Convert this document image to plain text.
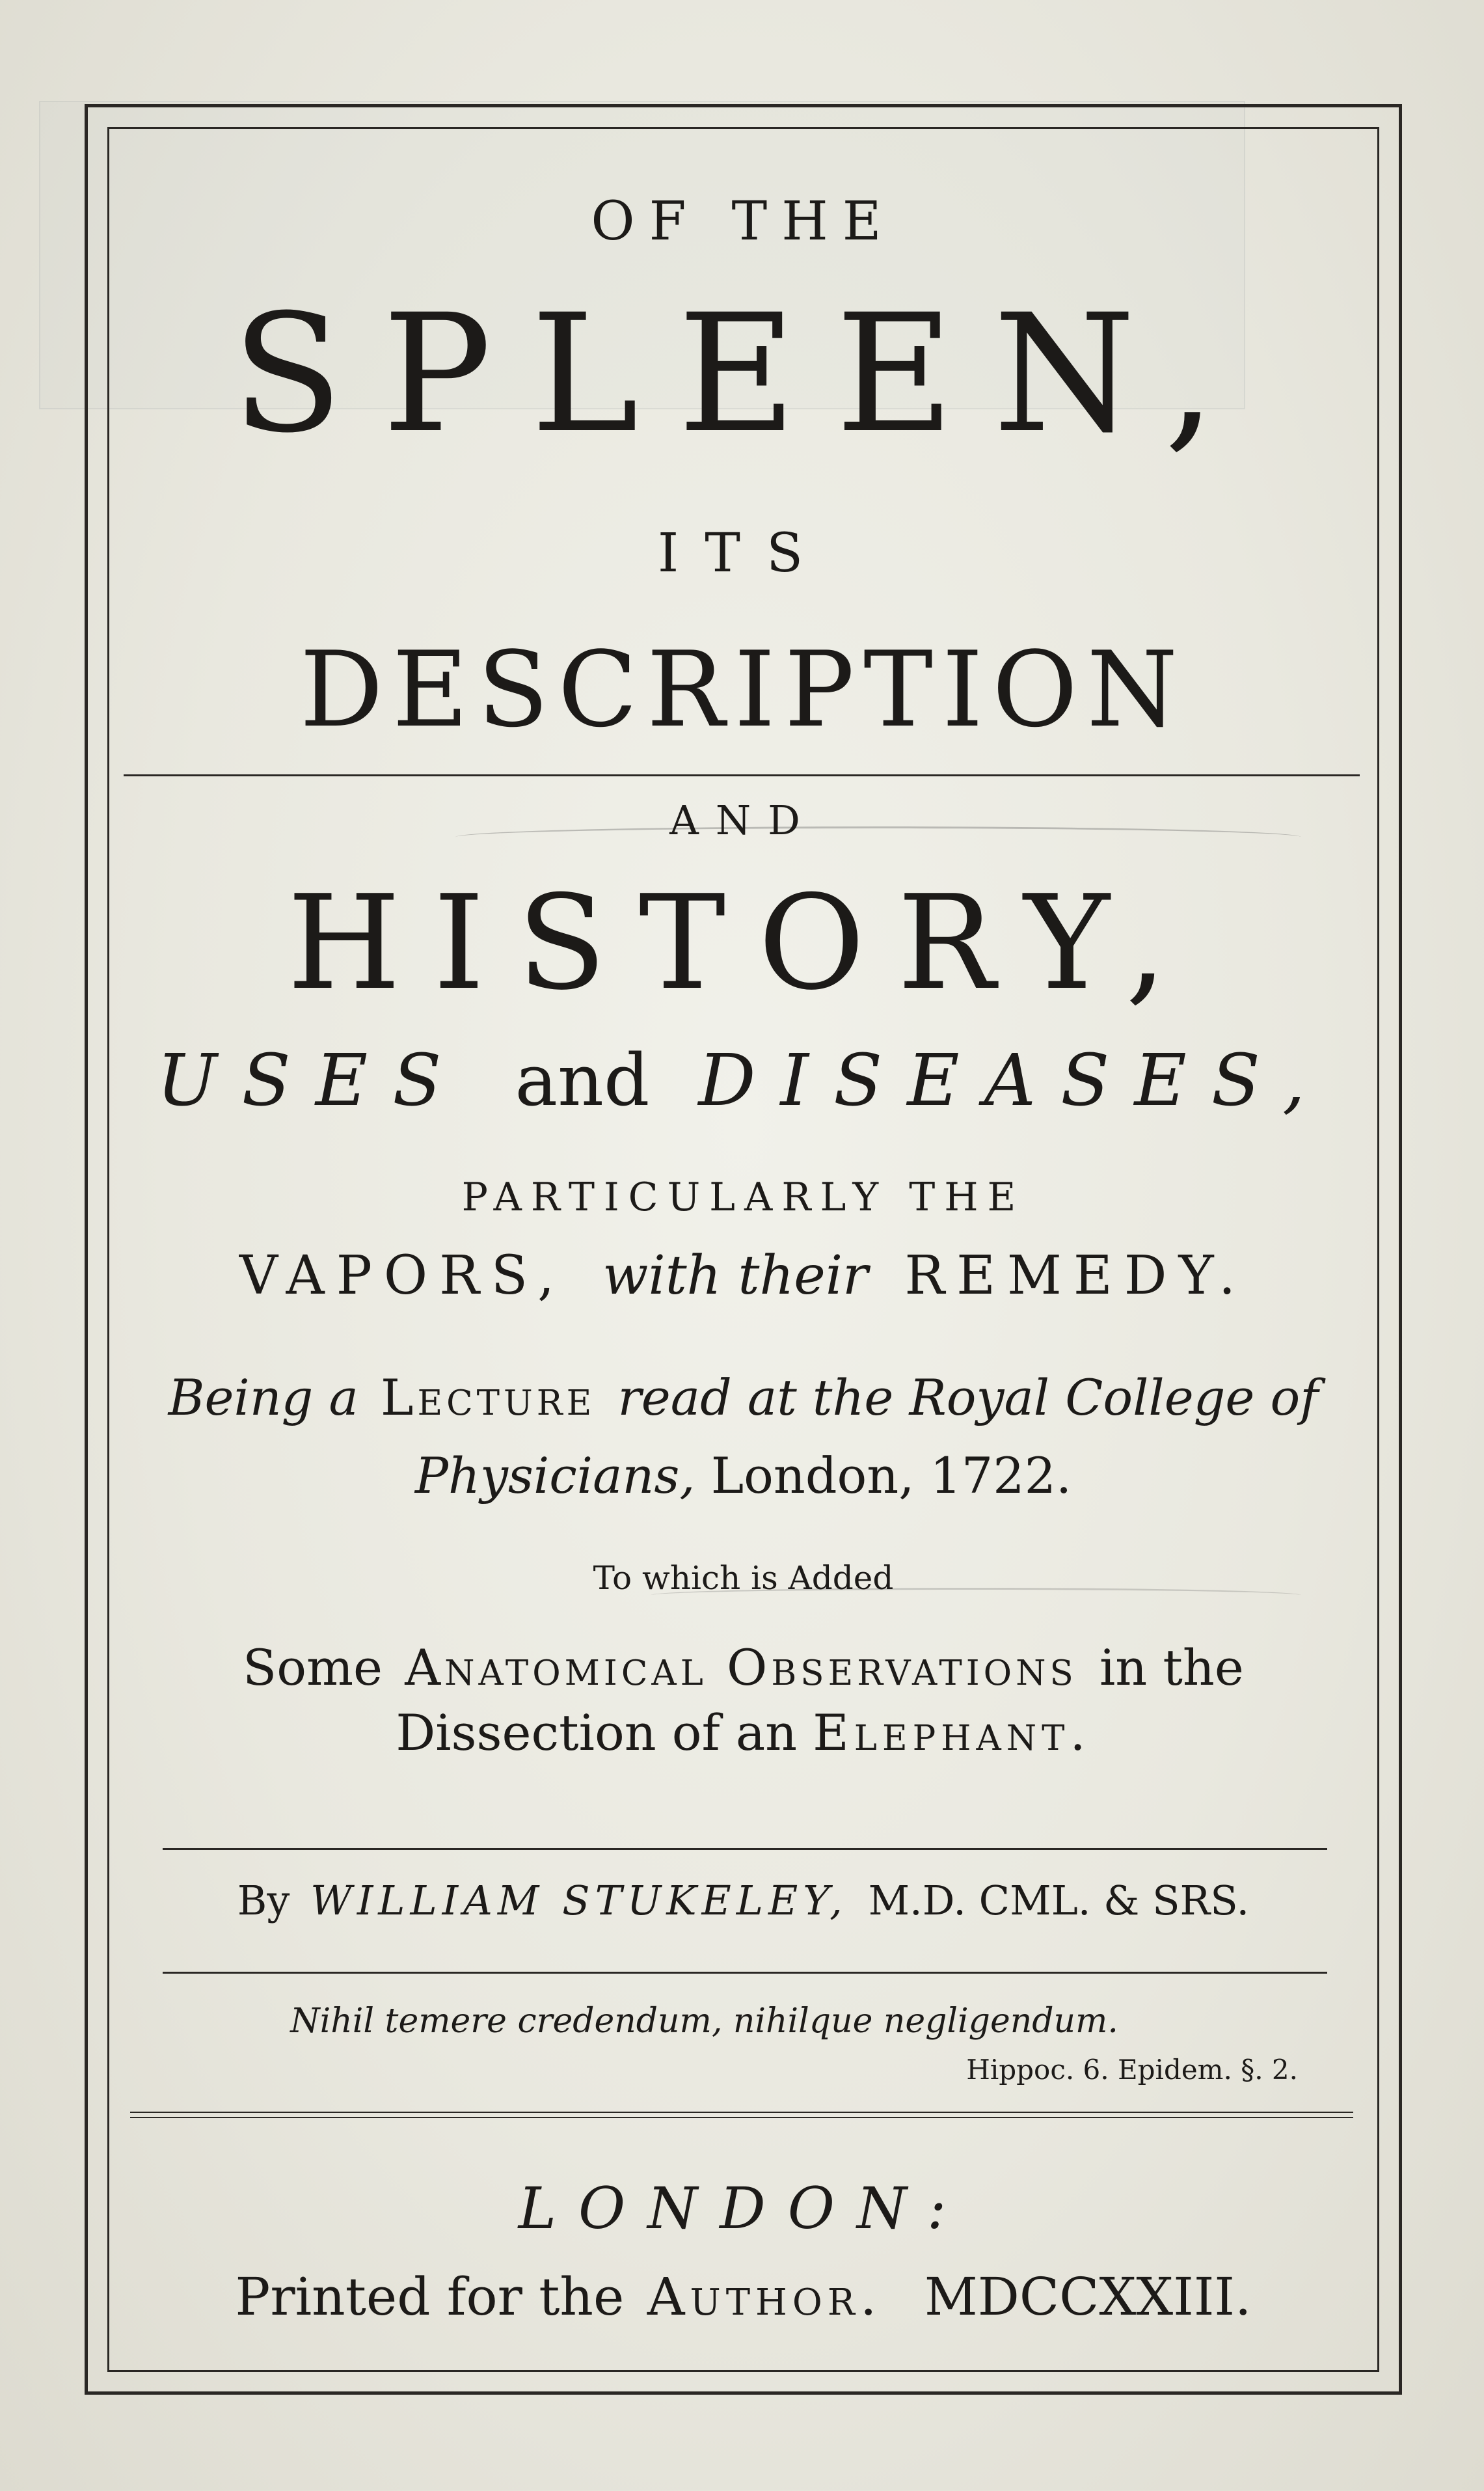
OF THE
SPLEEN,
ITS
DESCRIPTION
AND
HISTORY,
USES and DISEASES,
PARTICULARLY THE
VAPORS, with their REMEDY.
Being a Lecture read at the Royal College of
Physicians, London, 1722.
To which is Added
Some Anatomical Observations in the
Dissection of an Elephant.
By WILLIAM STUKELEY, M.D. CML. & SRS.
Nihil temere credendum, nihilque negligendum.
Hippoc. 6. Epidem. §. 2.
LONDON:
Printed for the Author. MDCCXXIII.
